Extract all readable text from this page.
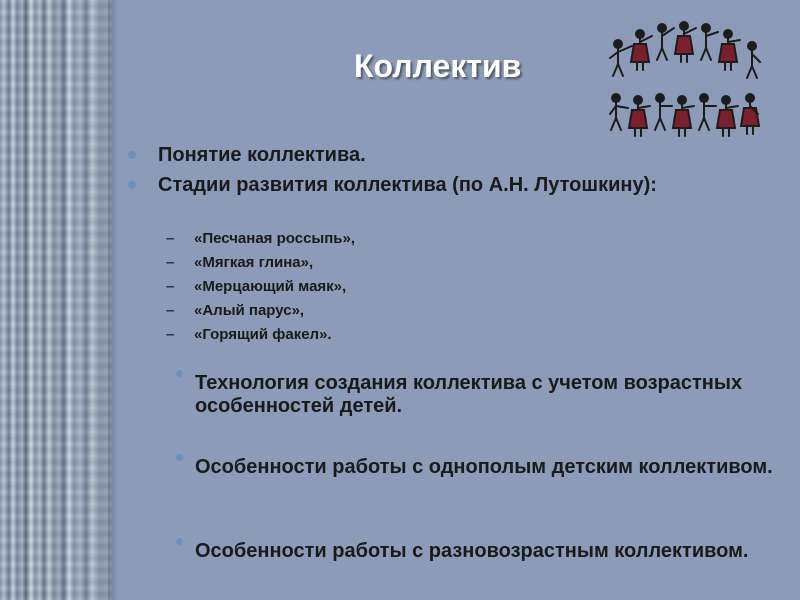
Коллектив
Понятие коллектива.
Стадии развития коллектива (по А.Н. Лутошкину):
– «Песчаная россыпь»,
– «Мягкая глина»,
– «Мерцающий маяк»,
– «Алый парус»,
– «Горящий факел».
Технология создания коллектива с учетом возрастных особенностей детей.
Особенности работы с однополым детским коллективом.
Особенности работы с разновозрастным коллективом.
